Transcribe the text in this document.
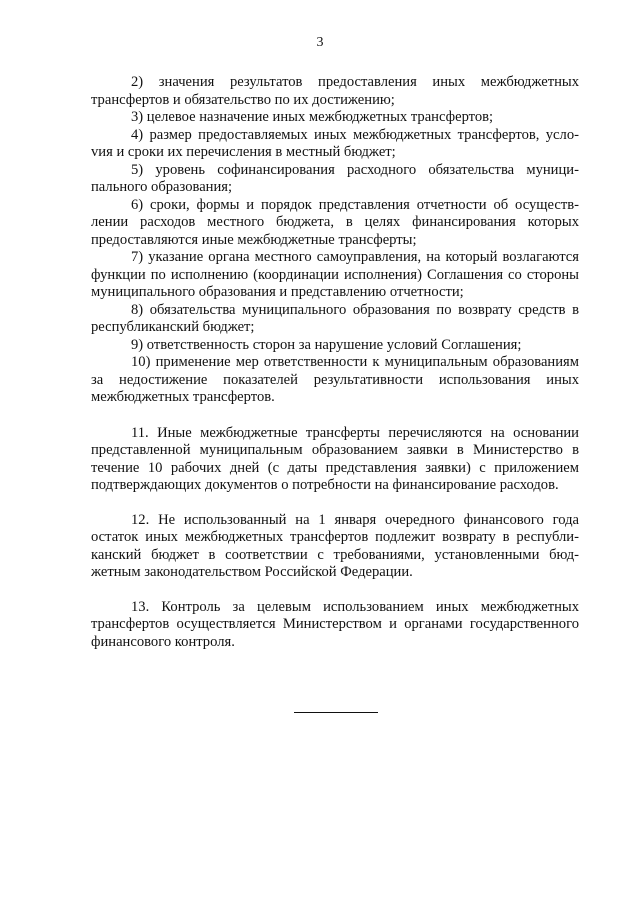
3

2) значения результатов предоставления иных межбюджетных трансфертов и обязательство по их достижению;

3) целевое назначение иных межбюджетных трансфертов;

4) размер предоставляемых иных межбюджетных трансфертов, услоvия и сроки их перечисления в местный бюджет;

5) уровень софинансирования расходного обязательства муниципального образования;

6) сроки, формы и порядок представления отчетности об осуществлении расходов местного бюджета, в целях финансирования которых предоставляются иные межбюджетные трансферты;

7) указание органа местного самоуправления, на который возлагаются функции по исполнению (координации исполнения) Соглашения со стороны муниципального образования и представлению отчетности;

8) обязательства муниципального образования по возврату средств в республиканский бюджет;

9) ответственность сторон за нарушение условий Соглашения;

10) применение мер ответственности к муниципальным образованиям за недостижение показателей результативности использования иных межбюджетных трансфертов.

11. Иные межбюджетные трансферты перечисляются на основании представленной муниципальным образованием заявки в Министерство в течение 10 рабочих дней (с даты представления заявки) с приложением подтверждающих документов о потребности на финансирование расходов.

12. Не использованный на 1 января очередного финансового года остаток иных межбюджетных трансфертов подлежит возврату в республиканский бюджет в соответствии с требованиями, установленными бюджетным законодательством Российской Федерации.

13. Контроль за целевым использованием иных межбюджетных трансфертов осуществляется Министерством и органами государственного финансового контроля.
